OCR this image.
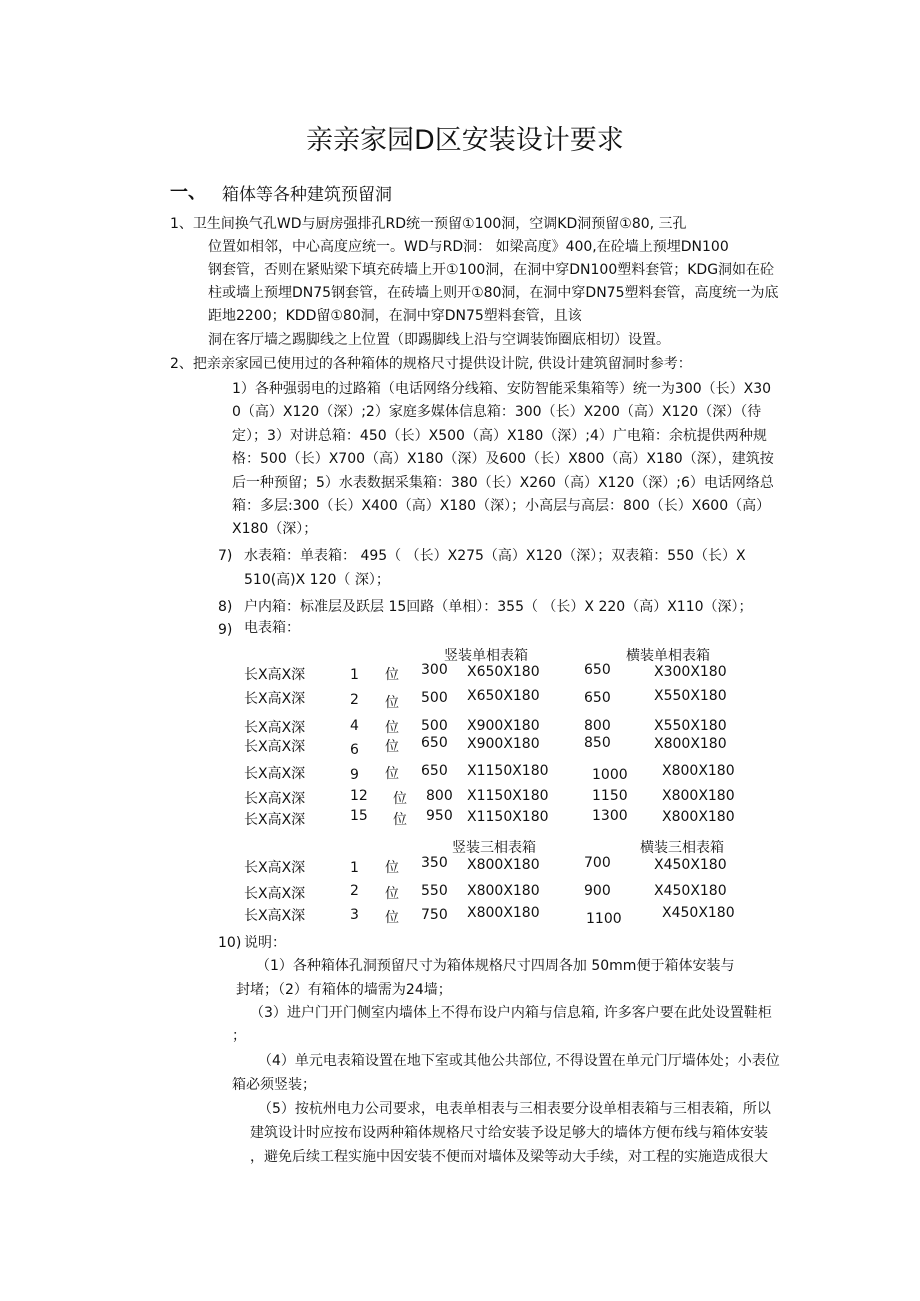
亲亲家园D区安装设计要求
一、 箱体等各种建筑预留洞
1、卫生间换气孔WD与厨房强排孔RD统一预留①100洞，空调KD洞预留①80, 三孔
位置如相邻，中心高度应统一。WD与RD洞： 如梁高度》400,在砼墙上预埋DN100
钢套管，否则在紧贴梁下填充砖墙上开①100洞，在洞中穿DN100塑料套管；KDG洞如在砼
柱或墙上预埋DN75钢套管，在砖墙上则开①80洞，在洞中穿DN75塑料套管，高度统一为底
距地2200；KDD留①80洞，在洞中穿DN75塑料套管，且该
洞在客厅墙之踢脚线之上位置（即踢脚线上沿与空调装饰圈底相切）设置。
2、把亲亲家园已使用过的各种箱体的规格尺寸提供设计院, 供设计建筑留洞时参考：
1）各种强弱电的过路箱（电话网络分线箱、安防智能采集箱等）统一为300（长）X30
0（高）X120（深）;2）家庭多媒体信息箱：300（长）X200（高）X120（深）（待
定）；3）对讲总箱：450（长）X500（高）X180（深）;4）广电箱：余杭提供两种规
格：500（长）X700（高）X180（深）及600（长）X800（高）X180（深），建筑按
后一种预留；5）水表数据采集箱：380（长）X260（高）X120（深）;6）电话网络总
箱：多层:300（长）X400（高）X180（深）；小高层与高层：800（长）X600（高）
X180（深）；
7) 水表箱：单表箱： 495（ （长）X275（高）X120（深）；双表箱：550（长）X
510(高)X 120（ 深）；
8) 户内箱：标准层及跃层 15回路（单相）：355（ （长）X 220（高）X110（深）；
9) 电表箱：
竖装单相表箱	横装单相表箱
长X高X深	1 位 300 X650X180	650	X300X180
长X高X深	2 位 500 X650X180	650	X550X180
长X高X深	4 位 500 X900X180	800	X550X180
长X高X深	6 位 650 X900X180	850	X800X180
长X高X深	9 位 650 X1150X180	1000 X800X180
长X高X深	12 位 800 X1150X180	1150 X800X180
长X高X深	15 位 950 X1150X180	1300 X800X180
竖装三相表箱	横装三相表箱
长X高X深	1 位 350 X800X180	700	X450X180
长X高X深	2 位 550 X800X180	900	X450X180
长X高X深	3 位 750 X800X180	1100	X450X180
10) 说明：
（1）各种箱体孔洞预留尺寸为箱体规格尺寸四周各加 50mm便于箱体安装与
封堵；（2）有箱体的墙需为24墙；
（3）进户门开门侧室内墙体上不得布设户内箱与信息箱, 许多客户要在此处设置鞋柜
；
（4）单元电表箱设置在地下室或其他公共部位, 不得设置在单元门厅墙体处；小表位
箱必须竖装；
（5）按杭州电力公司要求，电表单相表与三相表要分设单相表箱与三相表箱，所以
建筑设计时应按布设两种箱体规格尺寸给安装予设足够大的墙体方便布线与箱体安装
，避免后续工程实施中因安装不便而对墙体及梁等动大手续，对工程的实施造成很大
